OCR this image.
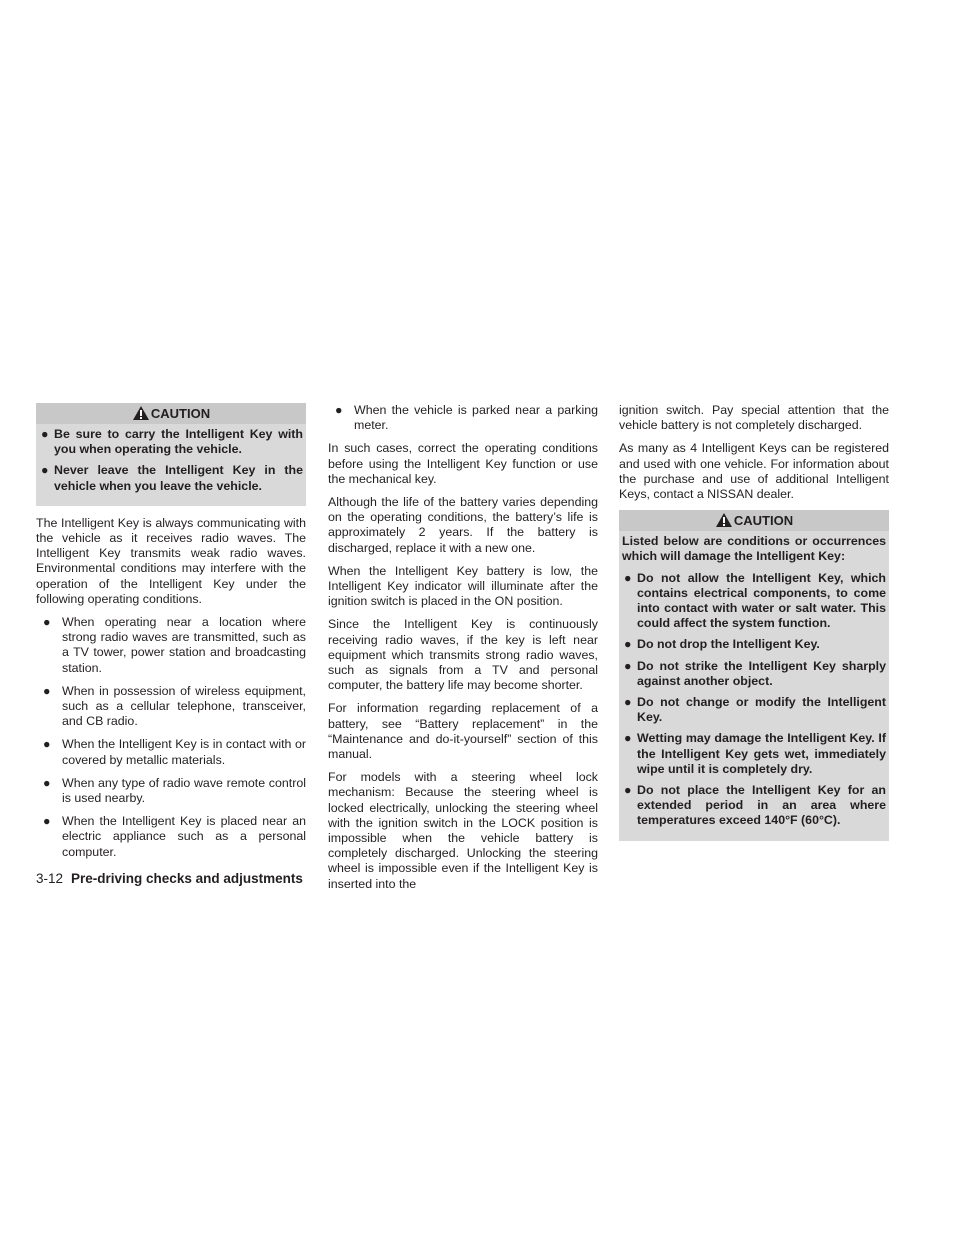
CAUTION
● Be sure to carry the Intelligent Key with you when operating the vehicle.
● Never leave the Intelligent Key in the vehicle when you leave the vehicle.

The Intelligent Key is always communicating with the vehicle as it receives radio waves. The Intelligent Key transmits weak radio waves. Environmental conditions may interfere with the operation of the Intelligent Key under the following operating conditions.

● When operating near a location where strong radio waves are transmitted, such as a TV tower, power station and broadcasting station.
● When in possession of wireless equipment, such as a cellular telephone, transceiver, and CB radio.
● When the Intelligent Key is in contact with or covered by metallic materials.
● When any type of radio wave remote control is used nearby.
● When the Intelligent Key is placed near an electric appliance such as a personal computer.
● When the vehicle is parked near a parking meter.

In such cases, correct the operating conditions before using the Intelligent Key function or use the mechanical key.

Although the life of the battery varies depending on the operating conditions, the battery’s life is approximately 2 years. If the battery is discharged, replace it with a new one.

When the Intelligent Key battery is low, the Intelligent Key indicator will illuminate after the ignition switch is placed in the ON position.

Since the Intelligent Key is continuously receiving radio waves, if the key is left near equipment which transmits strong radio waves, such as signals from a TV and personal computer, the battery life may become shorter.

For information regarding replacement of a battery, see “Battery replacement” in the “Maintenance and do-it-yourself” section of this manual.

For models with a steering wheel lock mechanism: Because the steering wheel is locked electrically, unlocking the steering wheel with the ignition switch in the LOCK position is impossible when the vehicle battery is completely discharged. Unlocking the steering wheel is impossible even if the Intelligent Key is inserted into the

ignition switch. Pay special attention that the vehicle battery is not completely discharged.

As many as 4 Intelligent Keys can be registered and used with one vehicle. For information about the purchase and use of additional Intelligent Keys, contact a NISSAN dealer.

CAUTION

Listed below are conditions or occurrences which will damage the Intelligent Key:

● Do not allow the Intelligent Key, which contains electrical components, to come into contact with water or salt water. This could affect the system function.
● Do not drop the Intelligent Key.
● Do not strike the Intelligent Key sharply against another object.
● Do not change or modify the Intelligent Key.
● Wetting may damage the Intelligent Key. If the Intelligent Key gets wet, immediately wipe until it is completely dry.
● Do not place the Intelligent Key for an extended period in an area where temperatures exceed 140°F (60°C).
3-12 Pre-driving checks and adjustments
